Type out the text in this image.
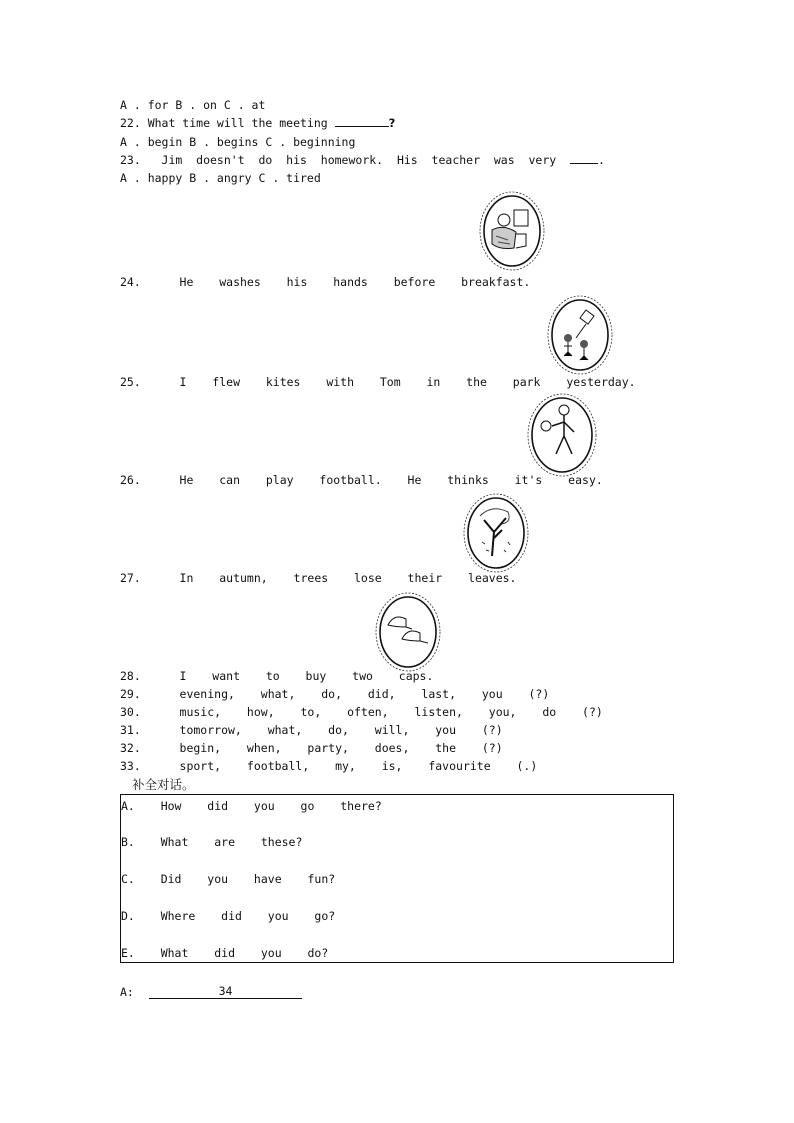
A . for B . on C . at
22. What time will the meeting	?
A . begin B . begins C . beginning
23.   Jim  doesn't  do  his  homework.  His  teacher  was  very	.
A . happy B . angry C . tired
24.   He  washes  his  hands  before  breakfast.
25.   I  flew  kites  with  Tom  in  the  park  yesterday.
26.   He  can  play  football.  He  thinks  it's  easy.
27.   In  autumn,  trees  lose  their  leaves.
28.   I  want  to  buy  two  caps.
29.   evening,  what,  do,  did,  last,  you  (?)
30.   music,  how,  to,  often,  listen,  you,  do  (?)
31.   tomorrow,  what,  do,  will,  you  (?)
32.   begin,  when,  party,  does,  the  (?)
33.   sport,  football,  my,  is,  favourite  (.)
补全对话。
A.  How  did  you  go  there?
B.  What  are  these?
C.  Did  you  have  fun?
D.  Where  did  you  go?
E.  What  did  you  do?
A:	34
